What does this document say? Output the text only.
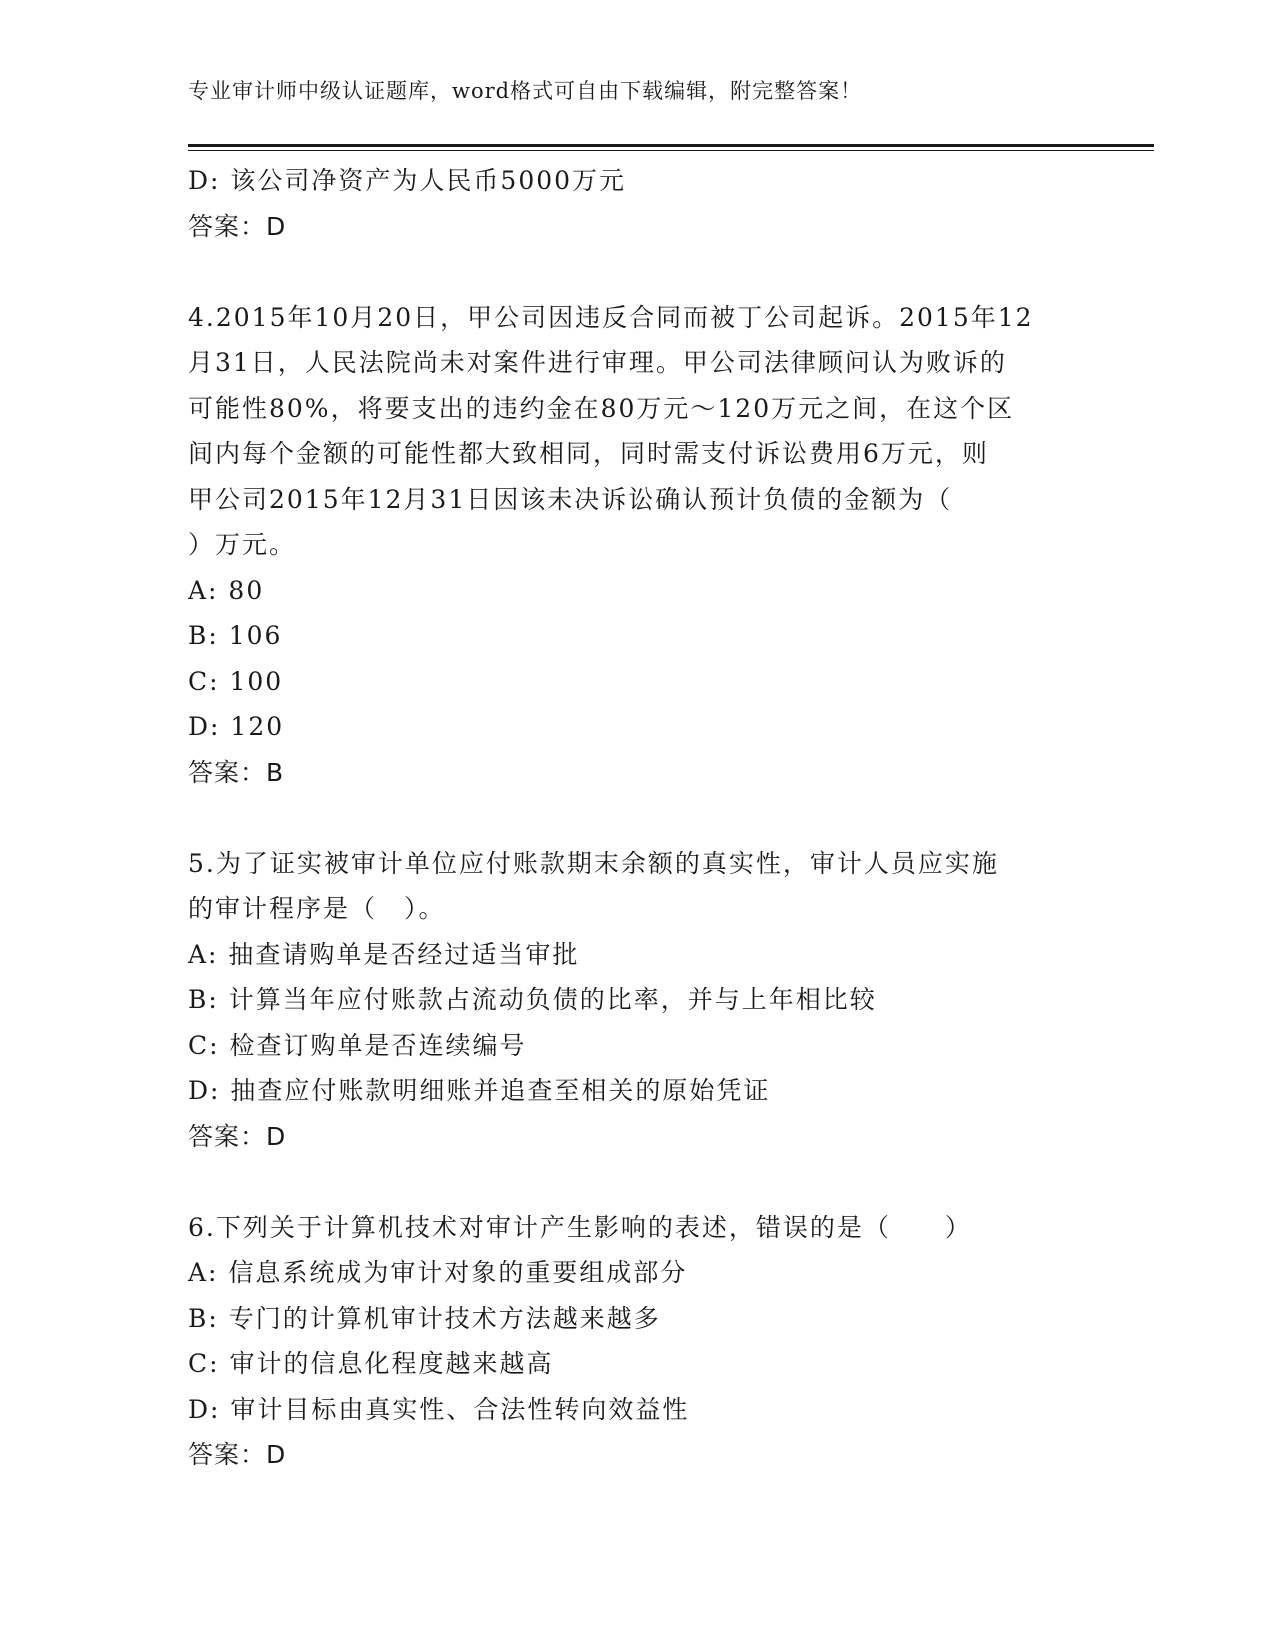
专业审计师中级认证题库，word格式可自由下载编辑，附完整答案！
D: 该公司净资产为人民币5000万元
答案：D
4.2015年10月20日，甲公司因违反合同而被丁公司起诉。2015年12
月31日，人民法院尚未对案件进行审理。甲公司法律顾问认为败诉的
可能性80%，将要支出的违约金在80万元～120万元之间，在这个区
间内每个金额的可能性都大致相同，同时需支付诉讼费用6万元，则
甲公司2015年12月31日因该未决诉讼确认预计负债的金额为（
）万元。
A: 80
B: 106
C: 100
D: 120
答案：B
5.为了证实被审计单位应付账款期末余额的真实性，审计人员应实施
的审计程序是（　）。
A: 抽查请购单是否经过适当审批
B: 计算当年应付账款占流动负债的比率，并与上年相比较
C: 检查订购单是否连续编号
D: 抽查应付账款明细账并追查至相关的原始凭证
答案：D
6.下列关于计算机技术对审计产生影响的表述，错误的是（　　）
A: 信息系统成为审计对象的重要组成部分
B: 专门的计算机审计技术方法越来越多
C: 审计的信息化程度越来越高
D: 审计目标由真实性、合法性转向效益性
答案：D
